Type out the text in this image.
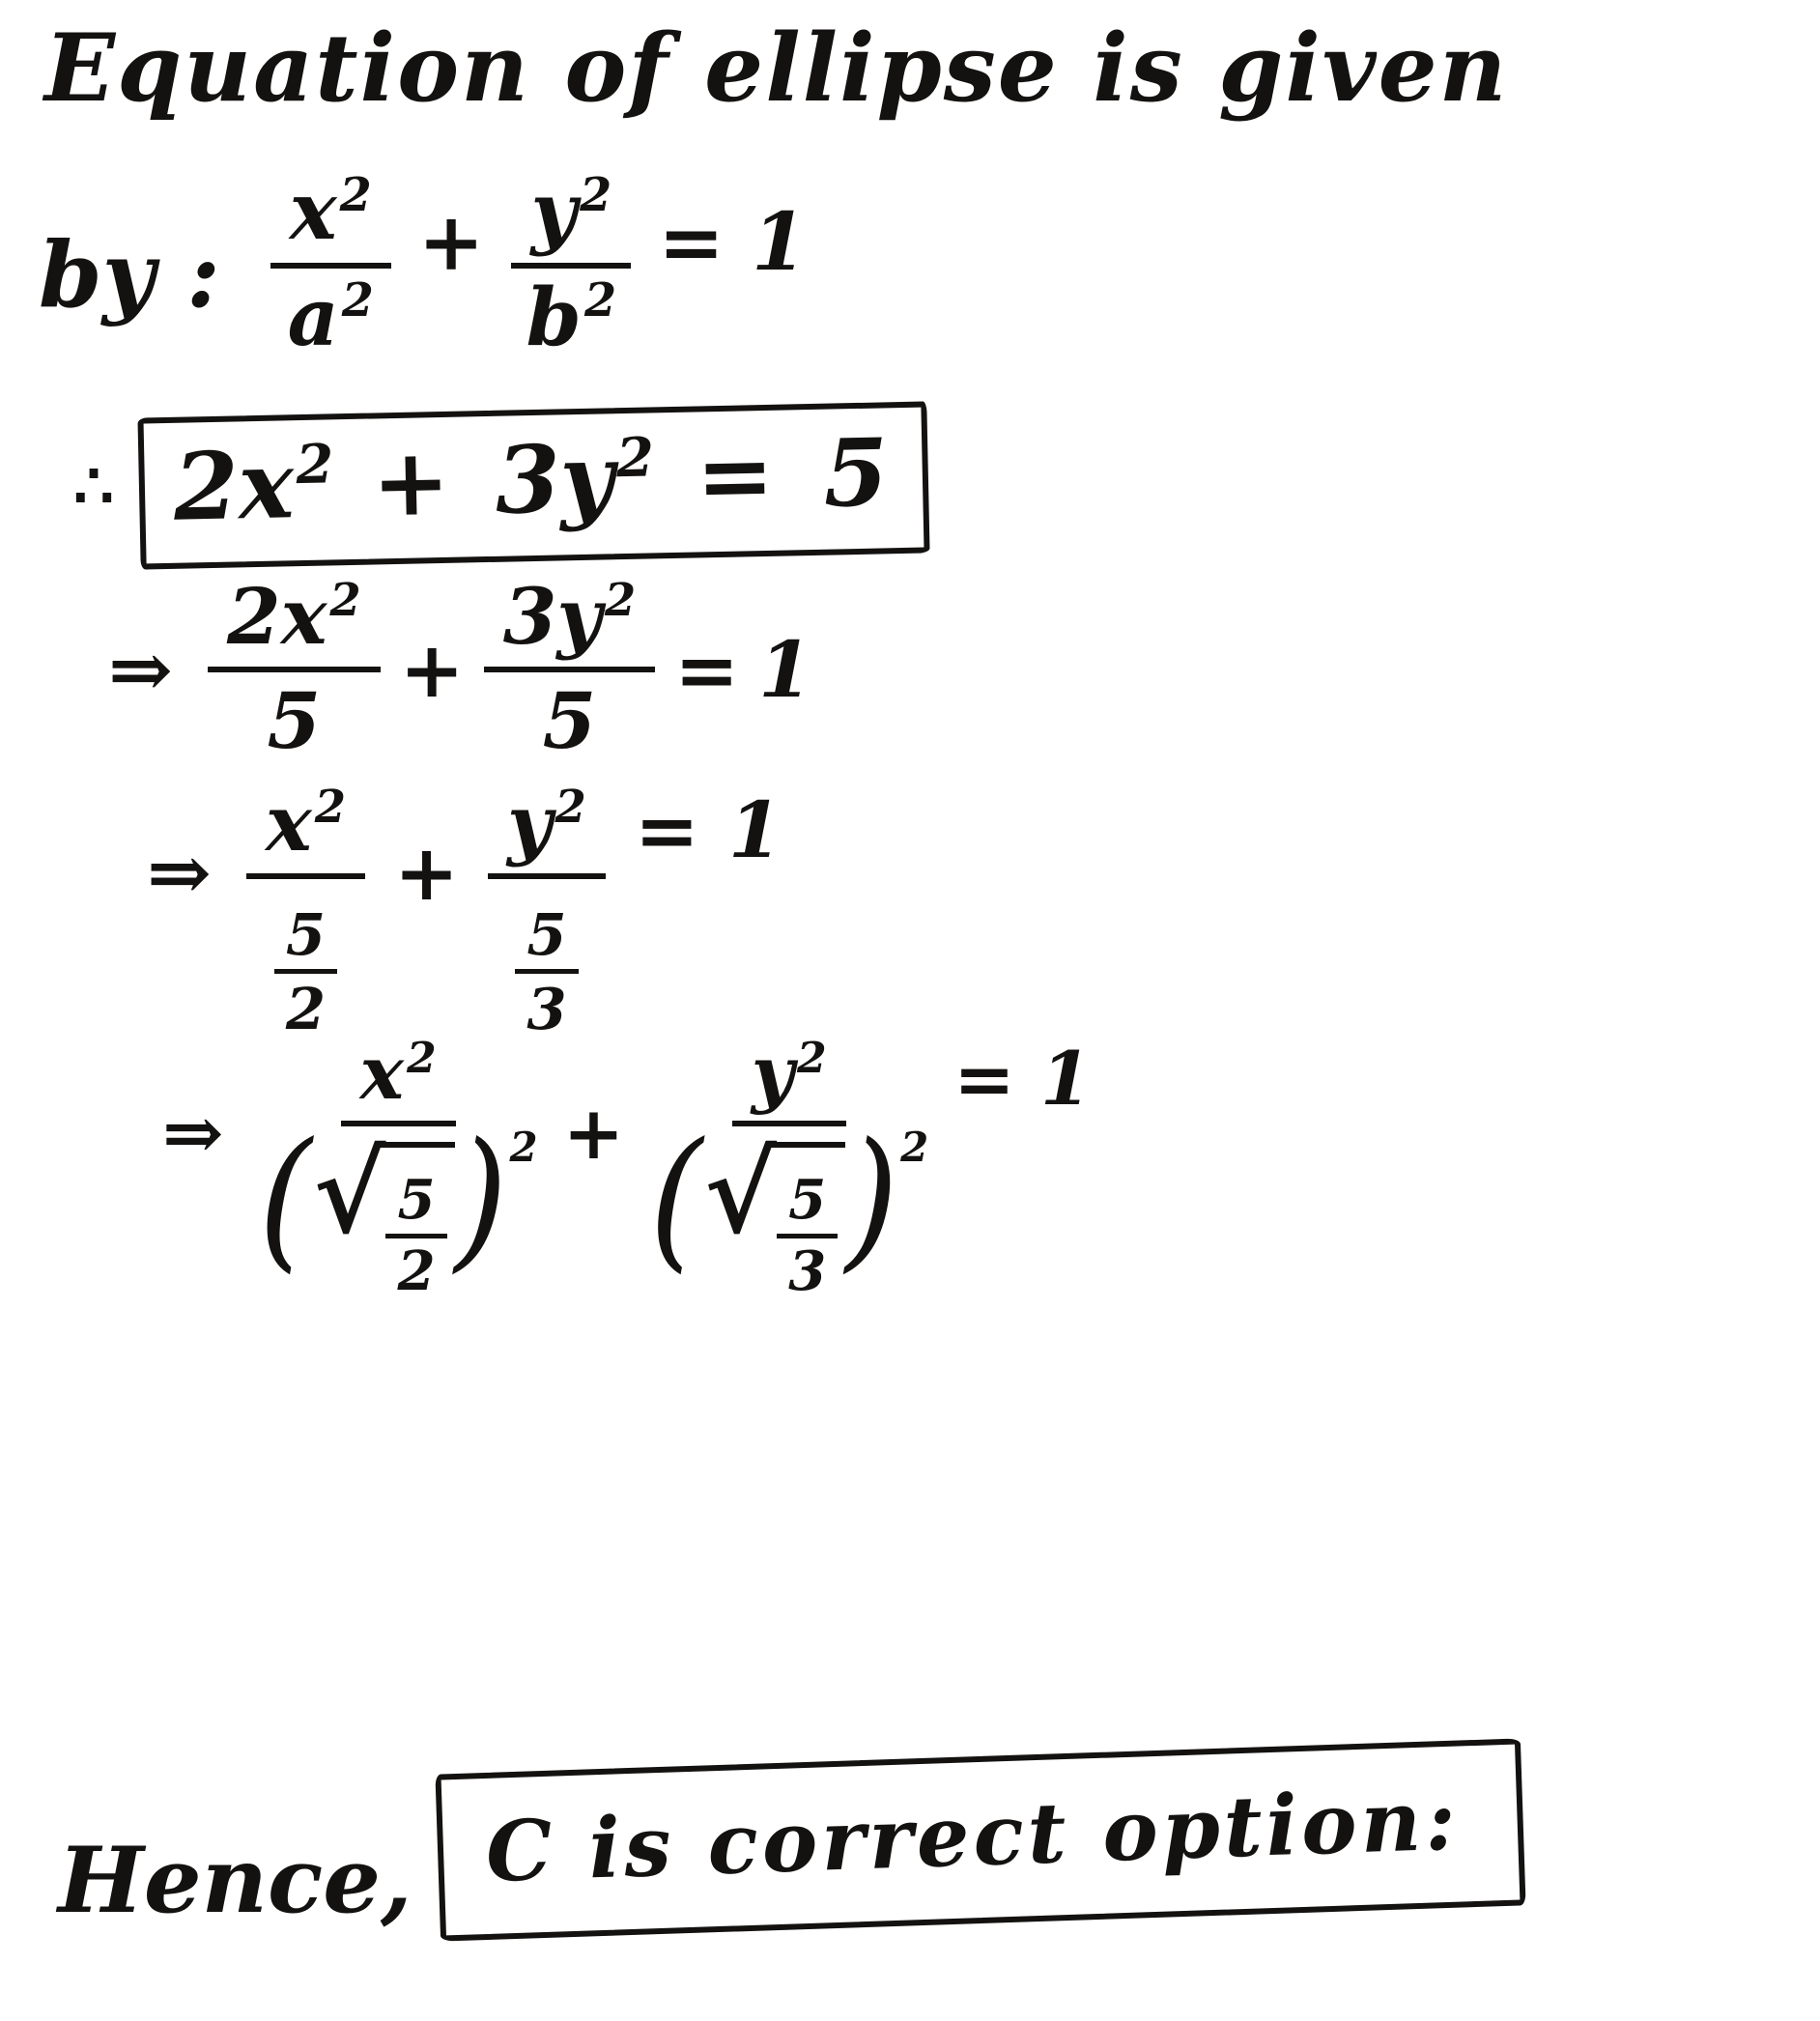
Equation of ellipse is given
by : $\frac{x^2}{a^2} + \frac{y^2}{b^2} = 1$
∴ $2x^2 + 3y^2 = 5$
⇒ $\frac{2x^2}{5} + \frac{3y^2}{5} = 1$
⇒ $\frac{x^2}{\frac{5}{2}} + \frac{y^2}{\frac{5}{3}} = 1$
⇒
$x^2$
( √ $\frac{5}{2}$ ) 2 +
$y^2$
( √ $\frac{5}{3}$ ) 2
= 1
Hence, C is correct option:
